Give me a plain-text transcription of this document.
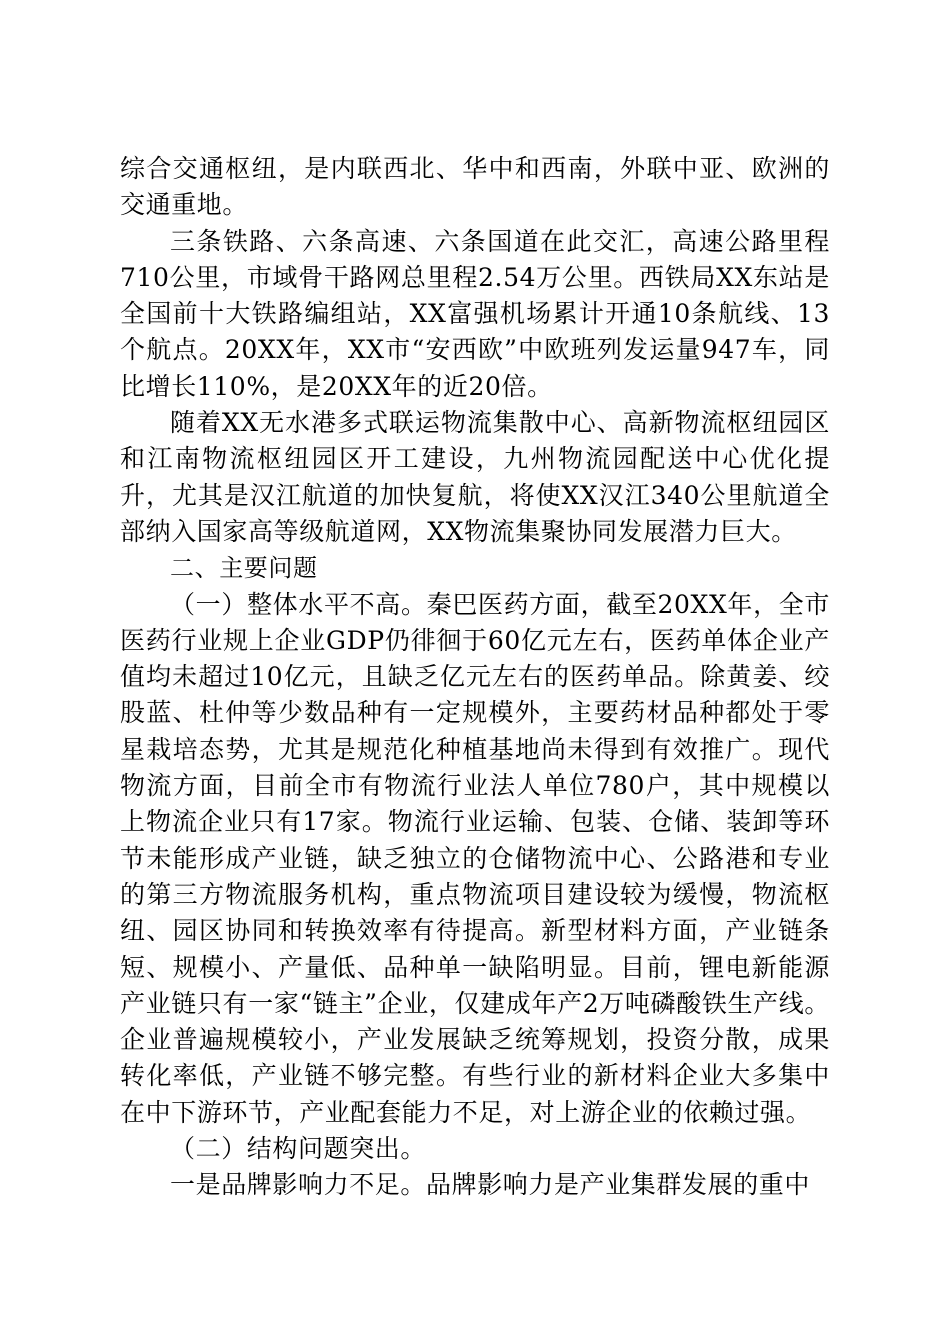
综合交通枢纽，是内联西北、华中和西南，外联中亚、欧洲的交通重地。

三条铁路、六条高速、六条国道在此交汇，高速公路里程710公里，市域骨干路网总里程2.54万公里。西铁局XX东站是全国前十大铁路编组站，XX富强机场累计开通10条航线、13个航点。20XX年，XX市“安西欧”中欧班列发运量947车，同比增长110%，是20XX年的近20倍。

随着XX无水港多式联运物流集散中心、高新物流枢纽园区和江南物流枢纽园区开工建设，九州物流园配送中心优化提升，尤其是汉江航道的加快复航，将使XX汉江340公里航道全部纳入国家高等级航道网，XX物流集聚协同发展潜力巨大。

二、主要问题

（一）整体水平不高。秦巴医药方面，截至20XX年，全市医药行业规上企业GDP仍徘徊于60亿元左右，医药单体企业产值均未超过10亿元，且缺乏亿元左右的医药单品。除黄姜、绞股蓝、杜仲等少数品种有一定规模外，主要药材品种都处于零星栽培态势，尤其是规范化种植基地尚未得到有效推广。现代物流方面，目前全市有物流行业法人单位780户，其中规模以上物流企业只有17家。物流行业运输、包装、仓储、装卸等环节未能形成产业链，缺乏独立的仓储物流中心、公路港和专业的第三方物流服务机构，重点物流项目建设较为缓慢，物流枢纽、园区协同和转换效率有待提高。新型材料方面，产业链条短、规模小、产量低、品种单一缺陷明显。目前，锂电新能源产业链只有一家“链主”企业，仅建成年产2万吨磷酸铁生产线。企业普遍规模较小，产业发展缺乏统筹规划，投资分散，成果转化率低，产业链不够完整。有些行业的新材料企业大多集中在中下游环节，产业配套能力不足，对上游企业的依赖过强。

（二）结构问题突出。

一是品牌影响力不足。品牌影响力是产业集群发展的重中
